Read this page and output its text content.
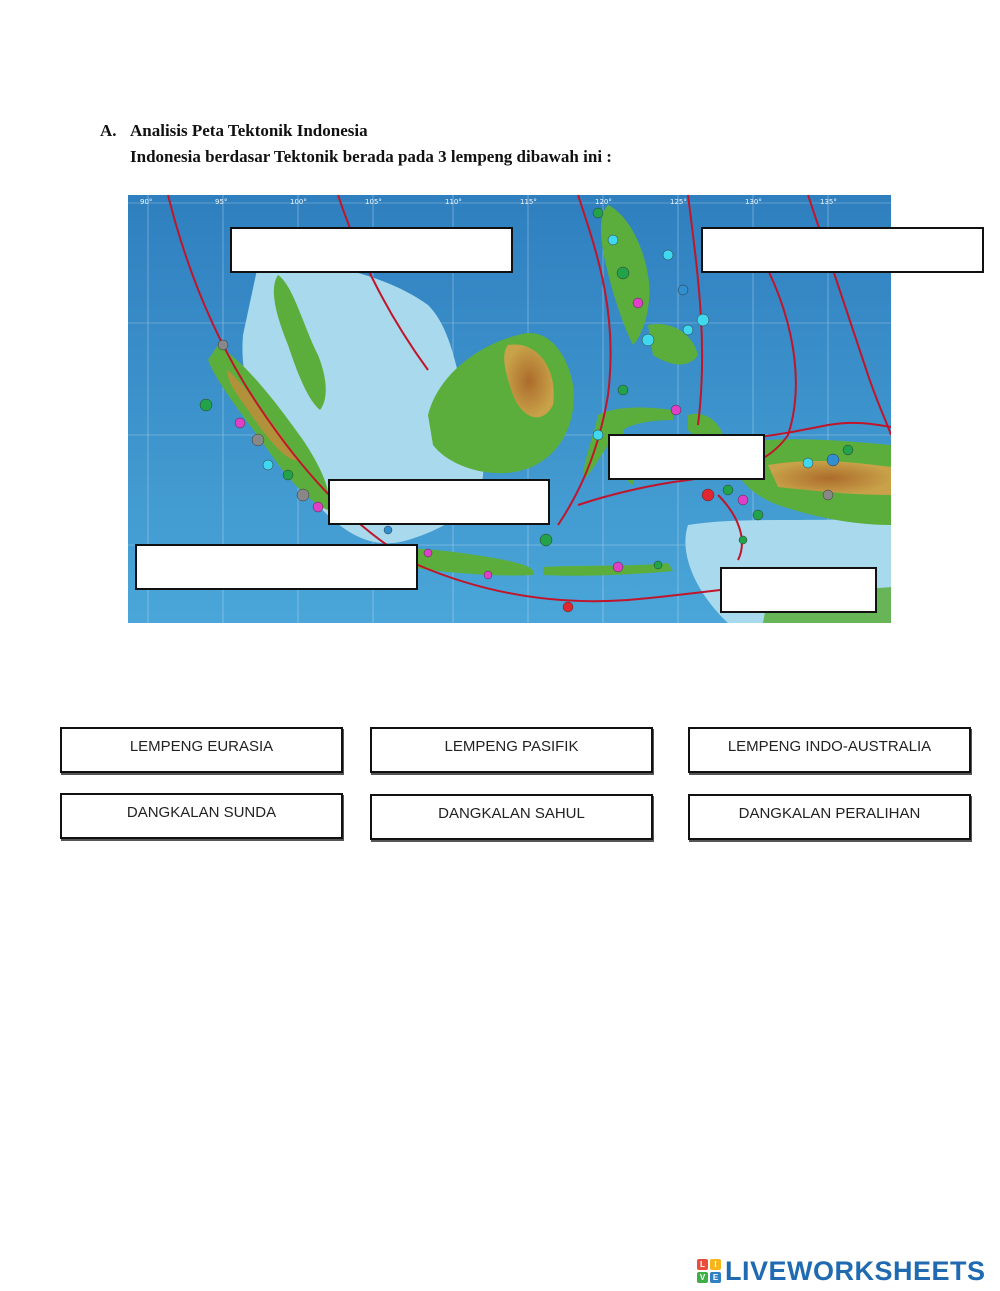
A. Analisis Peta Tektonik Indonesia
Indonesia berdasar Tektonik berada pada 3 lempeng dibawah ini :
90°	95°	100°	105°	110°	115°	120°	125°	130°	135°
LEMPENG EURASIA	LEMPENG PASIFIK	LEMPENG INDO-AUSTRALIA
DANGKALAN SUNDA	DANGKALAN SAHUL	DANGKALAN PERALIHAN
L	I
V E LIVEWORKSHEETS
